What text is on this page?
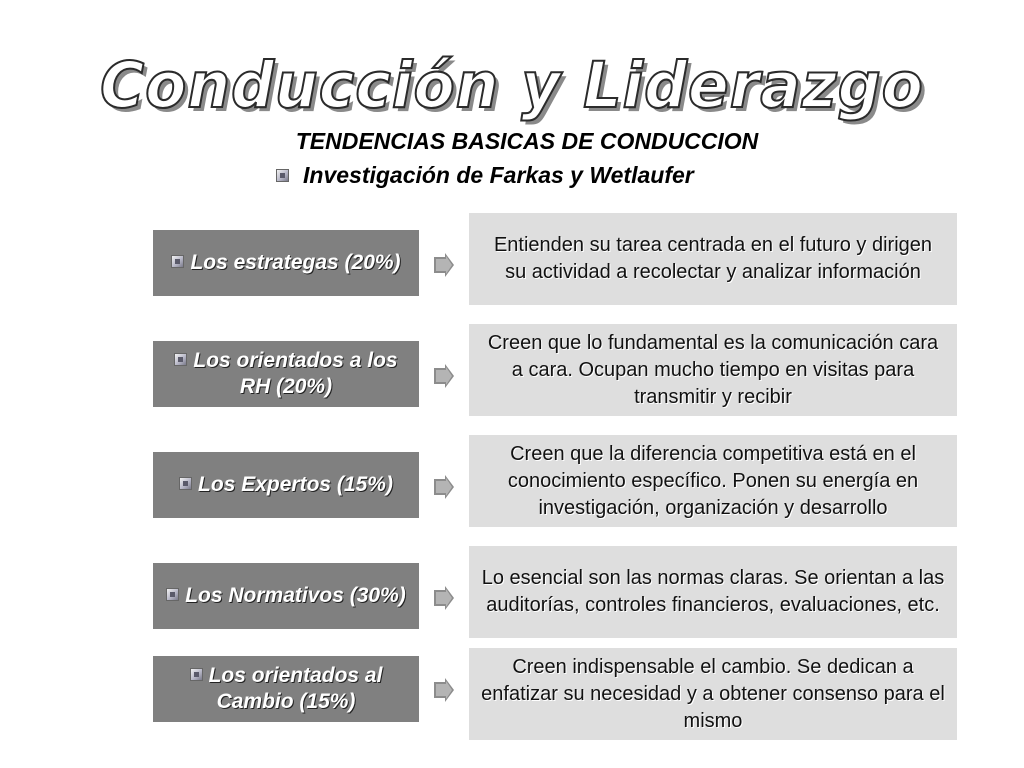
Conducción y Liderazgo
TENDENCIAS BASICAS DE CONDUCCION
Investigación de Farkas y Wetlaufer
Los estrategas (20%)
Entienden su tarea centrada en el futuro y dirigen su actividad a recolectar y analizar información
Los orientados a los RH (20%)
Creen que lo fundamental es la comunicación cara a cara. Ocupan mucho tiempo en visitas para transmitir y recibir
Los Expertos (15%)
Creen que la diferencia competitiva está en el conocimiento específico. Ponen su energía en investigación, organización y desarrollo
Los Normativos (30%)
Lo esencial son las normas claras. Se orientan a las auditorías, controles financieros, evaluaciones, etc.
Los orientados al Cambio (15%)
Creen indispensable el cambio. Se dedican a enfatizar su necesidad y a obtener consenso para el mismo
